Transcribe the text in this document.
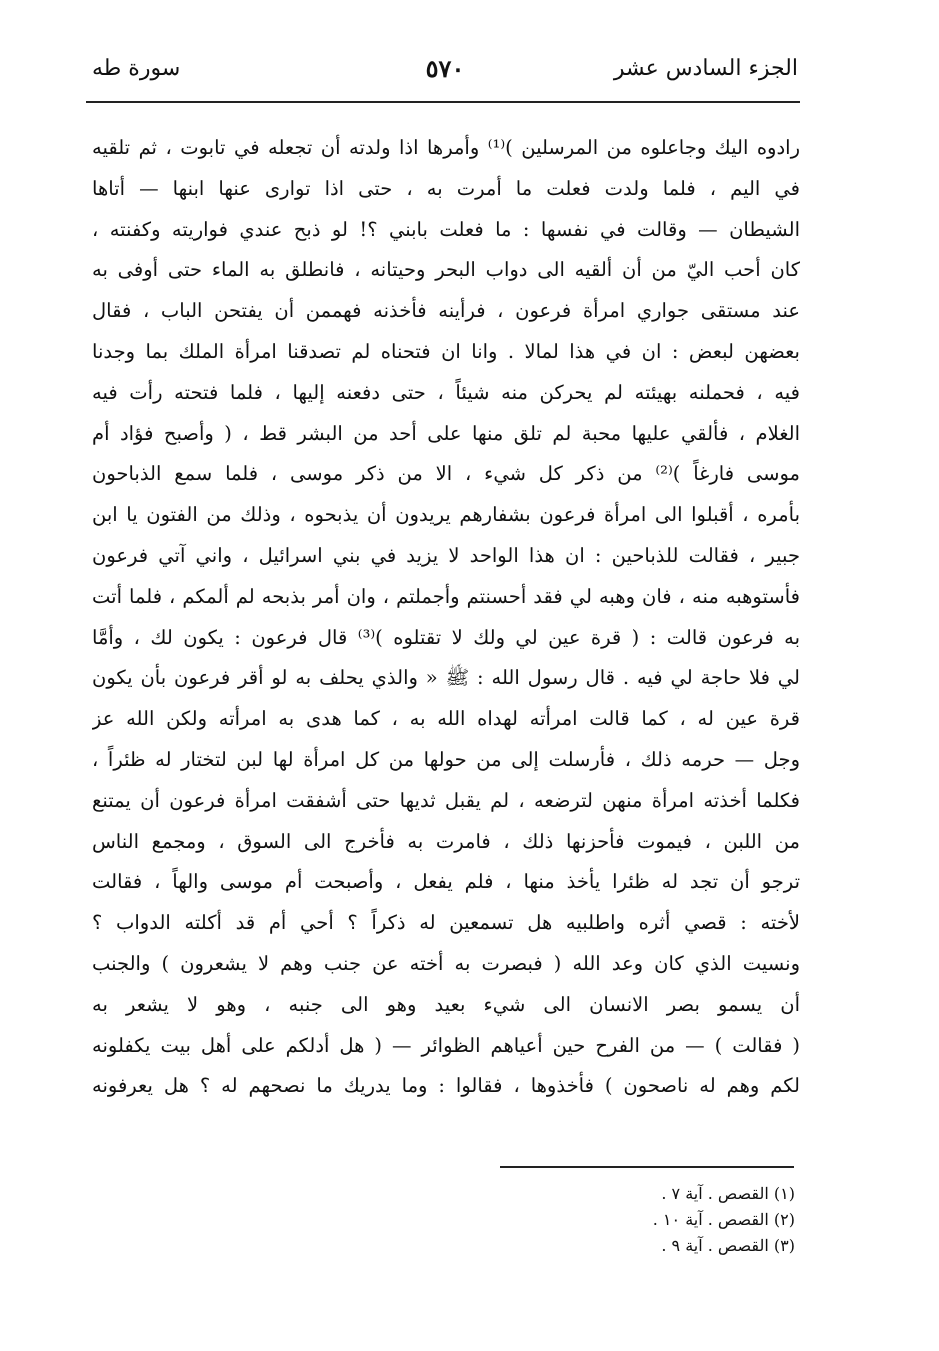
الجزء السادس عشر
٥٧٠
سورة طه
رادوه اليك وجاعلوه من المرسلين )⁽¹⁾ وأمرها اذا ولدته أن تجعله في تابوت ، ثم تلقيه
في اليم ، فلما ولدت فعلت ما أمرت به ، حتى اذا توارى عنها ابنها — أتاها
الشيطان — وقالت في نفسها : ما فعلت بابني ؟! لو ذبح عندي فواريته وكفنته ،
كان أحب اليّ من أن ألقيه الى دواب البحر وحيتانه ، فانطلق به الماء حتى أوفى به
عند مستقى جواري امرأة فرعون ، فرأينه فأخذنه فهممن أن يفتحن الباب ، فقال
بعضهن لبعض : ان في هذا لمالا . وانا ان فتحناه لم تصدقنا امرأة الملك بما وجدنا
فيه ، فحملنه بهيئته لم يحركن منه شيئاً ، حتى دفعنه إليها ، فلما فتحته رأت فيه
الغلام ، فألقي عليها محبة لم تلق منها على أحد من البشر قط ، ( وأصبح فؤاد أم
موسى فارغاً )⁽²⁾ من ذكر كل شيء ، الا من ذكر موسى ، فلما سمع الذباحون
بأمره ، أقبلوا الى امرأة فرعون بشفارهم يريدون أن يذبحوه ، وذلك من الفتون يا ابن
جبير ، فقالت للذباحين : ان هذا الواحد لا يزيد في بني اسرائيل ، واني آتي فرعون
فأستوهبه منه ، فان وهبه لي فقد أحسنتم وأجملتم ، وان أمر بذبحه لم ألمكم ، فلما أتت
به فرعون قالت : ( قرة عين لي ولك لا تقتلوه )⁽³⁾ قال فرعون : يكون لك ، وأمَّا
لي فلا حاجة لي فيه . قال رسول الله : ﷺ « والذي يحلف به لو أقر فرعون بأن يكون
قرة عين له ، كما قالت امرأته لهداه الله به ، كما هدى به امرأته ولكن الله عز
وجل — حرمه ذلك ، فأرسلت إلى من حولها من كل امرأة لها لبن لتختار له ظئراً ،
فكلما أخذته امرأة منهن لترضعه ، لم يقبل ثديها حتى أشفقت امرأة فرعون أن يمتنع
من اللبن ، فيموت فأحزنها ذلك ، فامرت به فأخرج الى السوق ، ومجمع الناس
ترجو أن تجد له ظئرا يأخذ منها ، فلم يفعل ، وأصبحت أم موسى والهاً ، فقالت
لأخته : قصي أثره واطلبيه هل تسمعين له ذكراً ؟ أحي أم قد أكلته الدواب ؟
ونسيت الذي كان وعد الله ( فبصرت به أخته عن جنب وهم لا يشعرون ) والجنب
أن يسمو بصر الانسان الى شيء بعيد وهو الى جنبه ، وهو لا يشعر به
( فقالت ) — من الفرح حين أعياهم الظوائر — ( هل أدلكم على أهل بيت يكفلونه
لكم وهم له ناصحون ) فأخذوها ، فقالوا : وما يدريك ما نصحهم له ؟ هل يعرفونه
(١) القصص . آية ٧ .
(٢) القصص . آية ١٠ .
(٣) القصص . آية ٩ .
